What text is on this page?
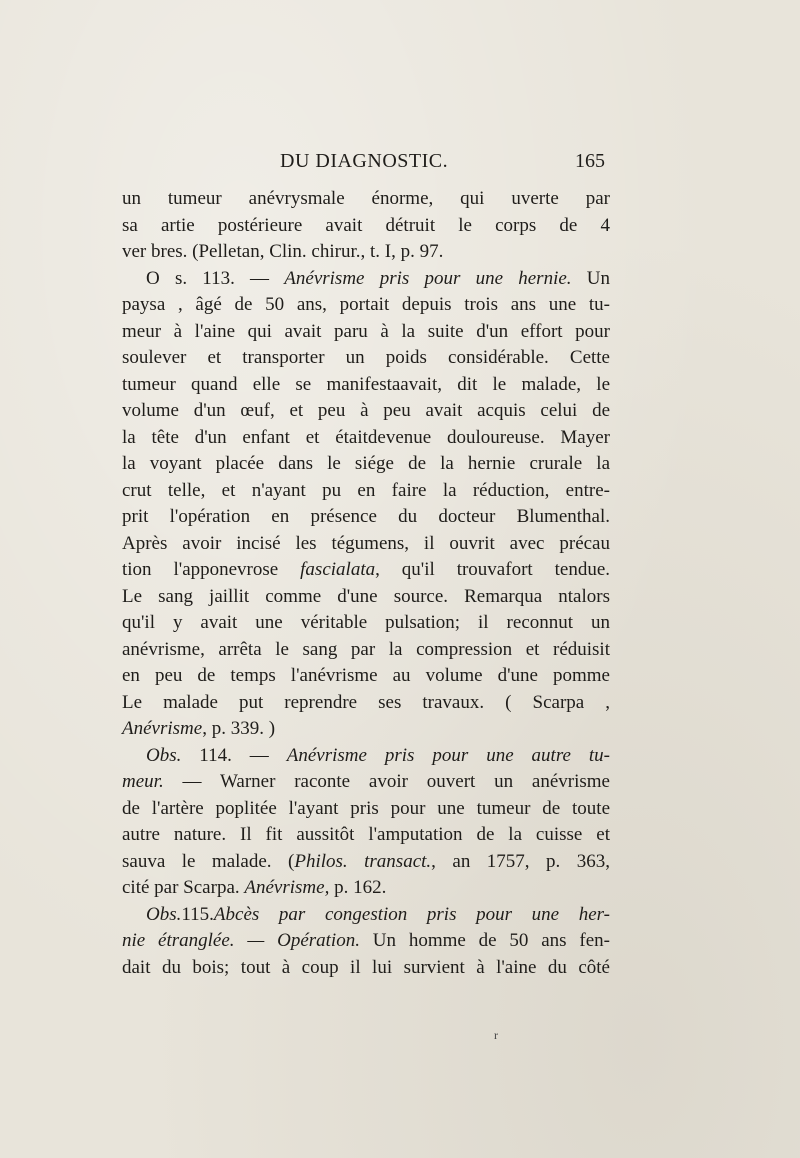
DU DIAGNOSTIC.	165
un tumeur anévrysmale énorme, qui uverte par
sa artie postérieure avait détruit le corps de 4
ver bres. (Pelletan, Clin. chirur., t. I, p. 97.
O s. 113. — Anévrisme pris pour une hernie. Un
paysa , âgé de 50 ans, portait depuis trois ans une tu-
meur à l'aine qui avait paru à la suite d'un effort pour
soulever et transporter un poids considérable. Cette
tumeur quand elle se manifestaavait, dit le malade, le
volume d'un œuf, et peu à peu avait acquis celui de
la tête d'un enfant et étaitdevenue douloureuse. Mayer
la voyant placée dans le siége de la hernie crurale la
crut telle, et n'ayant pu en faire la réduction, entre-
prit l'opération en présence du docteur Blumenthal.
Après avoir incisé les tégumens, il ouvrit avec précau
tion l'apponevrose fascialata, qu'il trouvafort tendue.
Le sang jaillit comme d'une source. Remarqua ntalors
qu'il y avait une véritable pulsation; il reconnut un
anévrisme, arrêta le sang par la compression et réduisit
en peu de temps l'anévrisme au volume d'une pomme
Le malade put reprendre ses travaux. ( Scarpa ,
Anévrisme, p. 339. )
Obs. 114. — Anévrisme pris pour une autre tu-
meur. — Warner raconte avoir ouvert un anévrisme
de l'artère poplitée l'ayant pris pour une tumeur de toute
autre nature. Il fit aussitôt l'amputation de la cuisse et
sauva le malade. (Philos. transact., an 1757, p. 363,
cité par Scarpa. Anévrisme, p. 162.
Obs.115.Abcès par congestion pris pour une her-
nie étranglée. — Opération. Un homme de 50 ans fen-
dait du bois; tout à coup il lui survient à l'aine du côté
r
